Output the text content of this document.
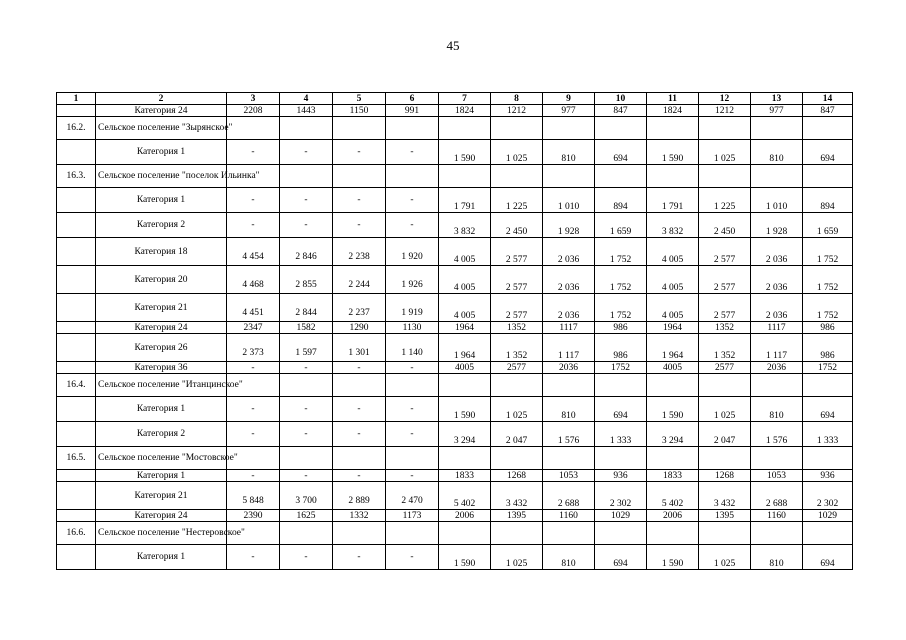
45
1	2	3	4	5	6	7	8	9	10	11	12	13	14
	Категория 24	2208	1443	1150	991	1824	1212	977	847	1824	1212	977	847
16.2.	Сельское поселение "Зырянское"												
	Категория 1	-	-	-	-	1 590	1 025	810	694	1 590	1 025	810	694
16.3.	Сельское поселение "поселок Ильинка"												
	Категория 1	-	-	-	-	1 791	1 225	1 010	894	1 791	1 225	1 010	894
	Категория 2	-	-	-	-	3 832	2 450	1 928	1 659	3 832	2 450	1 928	1 659
	Категория 18	4 454	2 846	2 238	1 920	4 005	2 577	2 036	1 752	4 005	2 577	2 036	1 752
	Категория 20	4 468	2 855	2 244	1 926	4 005	2 577	2 036	1 752	4 005	2 577	2 036	1 752
	Категория 21	4 451	2 844	2 237	1 919	4 005	2 577	2 036	1 752	4 005	2 577	2 036	1 752
	Категория 24	2347	1582	1290	1130	1964	1352	1117	986	1964	1352	1117	986
	Категория 26	2 373	1 597	1 301	1 140	1 964	1 352	1 117	986	1 964	1 352	1 117	986
	Категория 36	-	-	-	-	4005	2577	2036	1752	4005	2577	2036	1752
16.4.	Сельское поселение "Итанцинское"												
	Категория 1	-	-	-	-	1 590	1 025	810	694	1 590	1 025	810	694
	Категория 2	-	-	-	-	3 294	2 047	1 576	1 333	3 294	2 047	1 576	1 333
16.5.	Сельское поселение "Мостовское"												
	Категория 1	-	-	-	-	1833	1268	1053	936	1833	1268	1053	936
	Категория 21	5 848	3 700	2 889	2 470	5 402	3 432	2 688	2 302	5 402	3 432	2 688	2 302
	Категория 24	2390	1625	1332	1173	2006	1395	1160	1029	2006	1395	1160	1029
16.6.	Сельское поселение "Нестеровское"												
	Категория 1	-	-	-	-	1 590	1 025	810	694	1 590	1 025	810	694
